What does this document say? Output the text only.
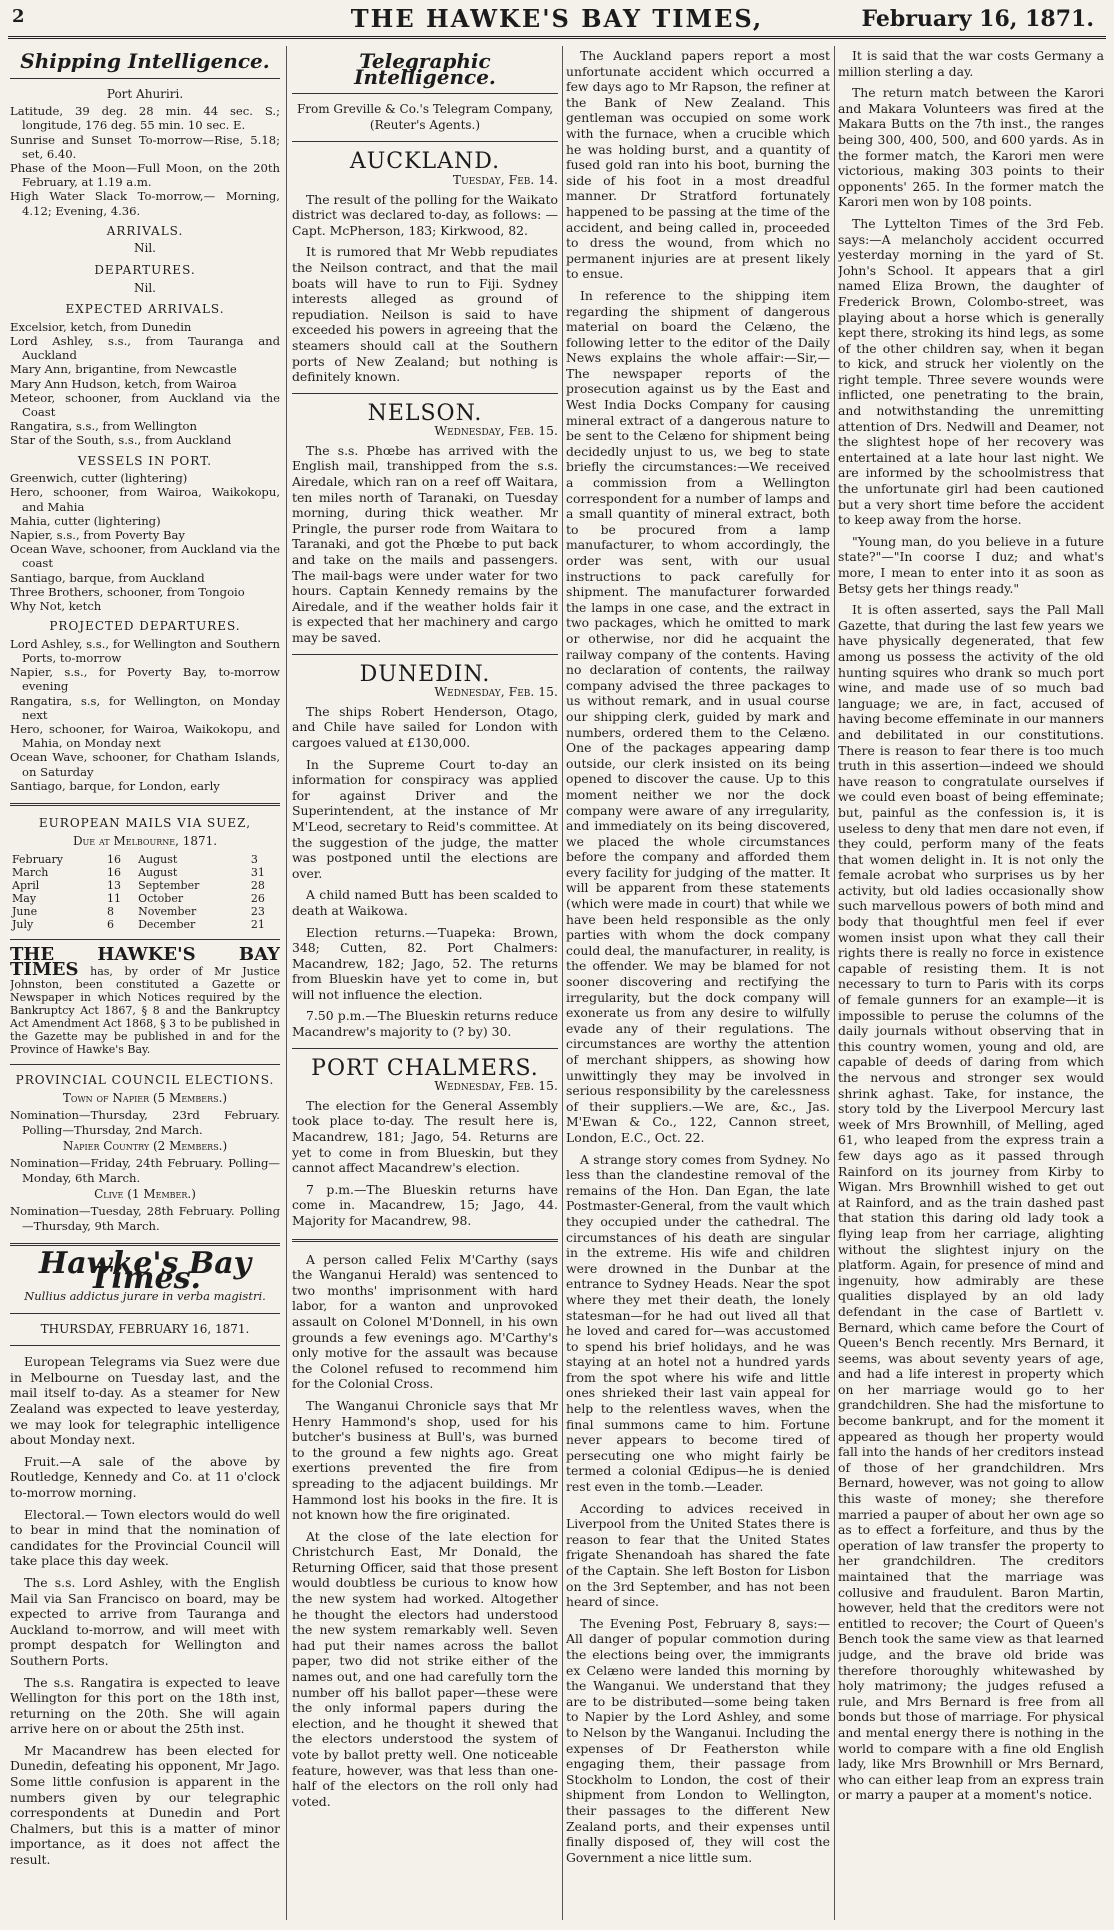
2	THE HAWKE'S BAY TIMES,	February 16, 1871.
Shipping Intelligence.
Port Ahuriri.
Latitude, 39 deg. 28 min. 44 sec. S.; longitude, 176 deg. 55 min. 10 sec. E.
Sunrise and Sunset To-morrow—Rise, 5.18; set, 6.40.
Phase of the Moon—Full Moon, on the 20th February, at 1.19 a.m.
High Water Slack To-morrow,— Morning, 4.12; Evening, 4.36.
ARRIVALS.
Nil.
DEPARTURES.
Nil.
EXPECTED ARRIVALS.
Excelsior, ketch, from Dunedin
Lord Ashley, s.s., from Tauranga and Auckland
Mary Ann, brigantine, from Newcastle
Mary Ann Hudson, ketch, from Wairoa
Meteor, schooner, from Auckland via the Coast
Rangatira, s.s., from Wellington
Star of the South, s.s., from Auckland
VESSELS IN PORT.
Greenwich, cutter (lightering)
Hero, schooner, from Wairoa, Waikokopu, and Mahia
Mahia, cutter (lightering)
Napier, s.s., from Poverty Bay
Ocean Wave, schooner, from Auckland via the coast
Santiago, barque, from Auckland
Three Brothers, schooner, from Tongoio
Why Not, ketch
PROJECTED DEPARTURES.
Lord Ashley, s.s., for Wellington and Southern Ports, to-morrow
Napier, s.s., for Poverty Bay, to-morrow evening
Rangatira, s.s, for Wellington, on Monday next
Hero, schooner, for Wairoa, Waikokopu, and Mahia, on Monday next
Ocean Wave, schooner, for Chatham Islands, on Saturday
Santiago, barque, for London, early
EUROPEAN MAILS VIA SUEZ,
Due at Melbourne, 1871.
February	16	August	3
March	16	August	31
April	13	September	28
May	11	October	26
June	8	November	23
July	6	December	21
THE HAWKE'S BAY TIMES has, by order of Mr Justice Johnston, been constituted a Gazette or Newspaper in which Notices required by the Bankruptcy Act 1867, § 8 and the Bankruptcy Act Amendment Act 1868, § 3 to be published in the Gazette may be published in and for the Province of Hawke's Bay.
PROVINCIAL COUNCIL ELECTIONS.
Town of Napier (5 Members.)
Nomination—Thursday, 23rd February. Polling—Thursday, 2nd March.
Napier Country (2 Members.)
Nomination—Friday, 24th February. Polling—Monday, 6th March.
Clive (1 Member.)
Nomination—Tuesday, 28th February. Polling—Thursday, 9th March.
Hawke's Bay Times.
Nullius addictus jurare in verba magistri.
THURSDAY, FEBRUARY 16, 1871.

European Telegrams via Suez were due in Melbourne on Tuesday last, and the mail itself to-day. As a steamer for New Zealand was expected to leave yesterday, we may look for telegraphic intelligence about Monday next.

Fruit.—A sale of the above by Routledge, Kennedy and Co. at 11 o'clock to-morrow morning.

Electoral.— Town electors would do well to bear in mind that the nomination of candidates for the Provincial Council will take place this day week.

The s.s. Lord Ashley, with the English Mail via San Francisco on board, may be expected to arrive from Tauranga and Auckland to-morrow, and will meet with prompt despatch for Wellington and Southern Ports.

The s.s. Rangatira is expected to leave Wellington for this port on the 18th inst, returning on the 20th. She will again arrive here on or about the 25th inst.

Mr Macandrew has been elected for Dunedin, defeating his opponent, Mr Jago. Some little confusion is apparent in the numbers given by our telegraphic correspondents at Dunedin and Port Chalmers, but this is a matter of minor importance, as it does not affect the result.

Telegraphic Intelligence.
From Greville & Co.'s Telegram Company, (Reuter's Agents.)
AUCKLAND.
Tuesday, Feb. 14.

The result of the polling for the Waikato district was declared to-day, as follows: — Capt. McPherson, 183; Kirkwood, 82.

It is rumored that Mr Webb repudiates the Neilson contract, and that the mail boats will have to run to Fiji. Sydney interests alleged as ground of repudiation. Neilson is said to have exceeded his powers in agreeing that the steamers should call at the Southern ports of New Zealand; but nothing is definitely known.

NELSON.
Wednesday, Feb. 15.

The s.s. Phœbe has arrived with the English mail, transhipped from the s.s. Airedale, which ran on a reef off Waitara, ten miles north of Taranaki, on Tuesday morning, during thick weather. Mr Pringle, the purser rode from Waitara to Taranaki, and got the Phœbe to put back and take on the mails and passengers. The mail-bags were under water for two hours. Captain Kennedy remains by the Airedale, and if the weather holds fair it is expected that her machinery and cargo may be saved.

DUNEDIN.
Wednesday, Feb. 15.

The ships Robert Henderson, Otago, and Chile have sailed for London with cargoes valued at £130,000.

In the Supreme Court to-day an information for conspiracy was applied for against Driver and the Superintendent, at the instance of Mr M'Leod, secretary to Reid's committee. At the suggestion of the judge, the matter was postponed until the elections are over.

A child named Butt has been scalded to death at Waikowa.

Election returns.—Tuapeka: Brown, 348; Cutten, 82. Port Chalmers: Macandrew, 182; Jago, 52. The returns from Blueskin have yet to come in, but will not influence the election.

7.50 p.m.—The Blueskin returns reduce Macandrew's majority to (? by) 30.

PORT CHALMERS.
Wednesday, Feb. 15.

The election for the General Assembly took place to-day. The result here is, Macandrew, 181; Jago, 54. Returns are yet to come in from Blueskin, but they cannot affect Macandrew's election.

7 p.m.—The Blueskin returns have come in. Macandrew, 15; Jago, 44. Majority for Macandrew, 98.

A person called Felix M'Carthy (says the Wanganui Herald) was sentenced to two months' imprisonment with hard labor, for a wanton and unprovoked assault on Colonel M'Donnell, in his own grounds a few evenings ago. M'Carthy's only motive for the assault was because the Colonel refused to recommend him for the Colonial Cross.

The Wanganui Chronicle says that Mr Henry Hammond's shop, used for his butcher's business at Bull's, was burned to the ground a few nights ago. Great exertions prevented the fire from spreading to the adjacent buildings. Mr Hammond lost his books in the fire. It is not known how the fire originated.

At the close of the late election for Christchurch East, Mr Donald, the Returning Officer, said that those present would doubtless be curious to know how the new system had worked. Altogether he thought the electors had understood the new system remarkably well. Seven had put their names across the ballot paper, two did not strike either of the names out, and one had carefully torn the number off his ballot paper—these were the only informal papers during the election, and he thought it shewed that the electors understood the system of vote by ballot pretty well. One noticeable feature, however, was that less than one-half of the electors on the roll only had voted.

The Auckland papers report a most unfortunate accident which occurred a few days ago to Mr Rapson, the refiner at the Bank of New Zealand. This gentleman was occupied on some work with the furnace, when a crucible which he was holding burst, and a quantity of fused gold ran into his boot, burning the side of his foot in a most dreadful manner. Dr Stratford fortunately happened to be passing at the time of the accident, and being called in, proceeded to dress the wound, from which no permanent injuries are at present likely to ensue.

In reference to the shipping item regarding the shipment of dangerous material on board the Celæno, the following letter to the editor of the Daily News explains the whole affair:—Sir,—The newspaper reports of the prosecution against us by the East and West India Docks Company for causing mineral extract of a dangerous nature to be sent to the Celæno for shipment being decidedly unjust to us, we beg to state briefly the circumstances:—We received a commission from a Wellington correspondent for a number of lamps and a small quantity of mineral extract, both to be procured from a lamp manufacturer, to whom accordingly, the order was sent, with our usual instructions to pack carefully for shipment. The manufacturer forwarded the lamps in one case, and the extract in two packages, which he omitted to mark or otherwise, nor did he acquaint the railway company of the contents. Having no declaration of contents, the railway company advised the three packages to us without remark, and in usual course our shipping clerk, guided by mark and numbers, ordered them to the Celæno. One of the packages appearing damp outside, our clerk insisted on its being opened to discover the cause. Up to this moment neither we nor the dock company were aware of any irregularity, and immediately on its being discovered, we placed the whole circumstances before the company and afforded them every facility for judging of the matter. It will be apparent from these statements (which were made in court) that while we have been held responsible as the only parties with whom the dock company could deal, the manufacturer, in reality, is the offender. We may be blamed for not sooner discovering and rectifying the irregularity, but the dock company will exonerate us from any desire to wilfully evade any of their regulations. The circumstances are worthy the attention of merchant shippers, as showing how unwittingly they may be involved in serious responsibility by the carelessness of their suppliers.—We are, &c., Jas. M'Ewan & Co., 122, Cannon street, London, E.C., Oct. 22.

A strange story comes from Sydney. No less than the clandestine removal of the remains of the Hon. Dan Egan, the late Postmaster-General, from the vault which they occupied under the cathedral. The circumstances of his death are singular in the extreme. His wife and children were drowned in the Dunbar at the entrance to Sydney Heads. Near the spot where they met their death, the lonely statesman—for he had out lived all that he loved and cared for—was accustomed to spend his brief holidays, and he was staying at an hotel not a hundred yards from the spot where his wife and little ones shrieked their last vain appeal for help to the relentless waves, when the final summons came to him. Fortune never appears to become tired of persecuting one who might fairly be termed a colonial Œdipus—he is denied rest even in the tomb.—Leader.

According to advices received in Liverpool from the United States there is reason to fear that the United States frigate Shenandoah has shared the fate of the Captain. She left Boston for Lisbon on the 3rd September, and has not been heard of since.

The Evening Post, February 8, says:—All danger of popular commotion during the elections being over, the immigrants ex Celæno were landed this morning by the Wanganui. We understand that they are to be distributed—some being taken to Napier by the Lord Ashley, and some to Nelson by the Wanganui. Including the expenses of Dr Featherston while engaging them, their passage from Stockholm to London, the cost of their shipment from London to Wellington, their passages to the different New Zealand ports, and their expenses until finally disposed of, they will cost the Government a nice little sum.

It is said that the war costs Germany a million sterling a day.

The return match between the Karori and Makara Volunteers was fired at the Makara Butts on the 7th inst., the ranges being 300, 400, 500, and 600 yards. As in the former match, the Karori men were victorious, making 303 points to their opponents' 265. In the former match the Karori men won by 108 points.

The Lyttelton Times of the 3rd Feb. says:—A melancholy accident occurred yesterday morning in the yard of St. John's School. It appears that a girl named Eliza Brown, the daughter of Frederick Brown, Colombo-street, was playing about a horse which is generally kept there, stroking its hind legs, as some of the other children say, when it began to kick, and struck her violently on the right temple. Three severe wounds were inflicted, one penetrating to the brain, and notwithstanding the unremitting attention of Drs. Nedwill and Deamer, not the slightest hope of her recovery was entertained at a late hour last night. We are informed by the schoolmistress that the unfortunate girl had been cautioned but a very short time before the accident to keep away from the horse.

"Young man, do you believe in a future state?"—"In coorse I duz; and what's more, I mean to enter into it as soon as Betsy gets her things ready."

It is often asserted, says the Pall Mall Gazette, that during the last few years we have physically degenerated, that few among us possess the activity of the old hunting squires who drank so much port wine, and made use of so much bad language; we are, in fact, accused of having become effeminate in our manners and debilitated in our constitutions. There is reason to fear there is too much truth in this assertion—indeed we should have reason to congratulate ourselves if we could even boast of being effeminate; but, painful as the confession is, it is useless to deny that men dare not even, if they could, perform many of the feats that women delight in. It is not only the female acrobat who surprises us by her activity, but old ladies occasionally show such marvellous powers of both mind and body that thoughtful men feel if ever women insist upon what they call their rights there is really no force in existence capable of resisting them. It is not necessary to turn to Paris with its corps of female gunners for an example—it is impossible to peruse the columns of the daily journals without observing that in this country women, young and old, are capable of deeds of daring from which the nervous and stronger sex would shrink aghast. Take, for instance, the story told by the Liverpool Mercury last week of Mrs Brownhill, of Melling, aged 61, who leaped from the express train a few days ago as it passed through Rainford on its journey from Kirby to Wigan. Mrs Brownhill wished to get out at Rainford, and as the train dashed past that station this daring old lady took a flying leap from her carriage, alighting without the slightest injury on the platform. Again, for presence of mind and ingenuity, how admirably are these qualities displayed by an old lady defendant in the case of Bartlett v. Bernard, which came before the Court of Queen's Bench recently. Mrs Bernard, it seems, was about seventy years of age, and had a life interest in property which on her marriage would go to her grandchildren. She had the misfortune to become bankrupt, and for the moment it appeared as though her property would fall into the hands of her creditors instead of those of her grandchildren. Mrs Bernard, however, was not going to allow this waste of money; she therefore married a pauper of about her own age so as to effect a forfeiture, and thus by the operation of law transfer the property to her grandchildren. The creditors maintained that the marriage was collusive and fraudulent. Baron Martin, however, held that the creditors were not entitled to recover; the Court of Queen's Bench took the same view as that learned judge, and the brave old bride was therefore thoroughly whitewashed by holy matrimony; the judges refused a rule, and Mrs Bernard is free from all bonds but those of marriage. For physical and mental energy there is nothing in the world to compare with a fine old English lady, like Mrs Brownhill or Mrs Bernard, who can either leap from an express train or marry a pauper at a moment's notice.
